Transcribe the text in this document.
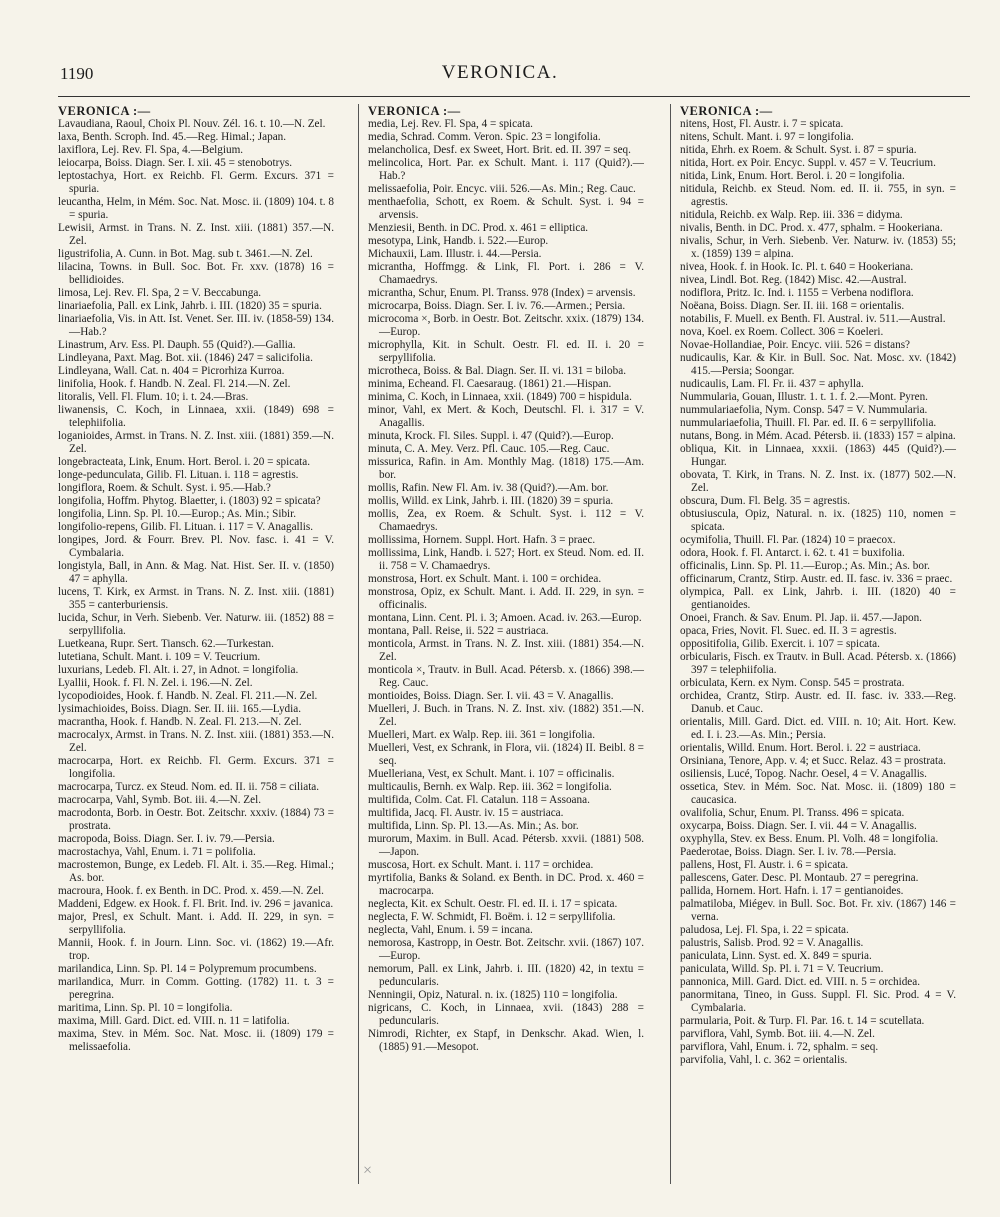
1190	VERONICA.
VERONICA :—
Lavaudiana, Raoul, Choix Pl. Nouv. Zél. 16. t. 10.—N. Zel.
laxa, Benth. Scroph. Ind. 45.—Reg. Himal.; Japan.
laxiflora, Lej. Rev. Fl. Spa, 4.—Belgium.
leiocarpa, Boiss. Diagn. Ser. I. xii. 45 = stenobotrys.
leptostachya, Hort. ex Reichb. Fl. Germ. Excurs. 371 = spuria.
leucantha, Helm, in Mém. Soc. Nat. Mosc. ii. (1809) 104. t. 8 = spuria.
Lewisii, Armst. in Trans. N. Z. Inst. xiii. (1881) 357.—N. Zel.
ligustrifolia, A. Cunn. in Bot. Mag. sub t. 3461.—N. Zel.
lilacina, Towns. in Bull. Soc. Bot. Fr. xxv. (1878) 16 = bellidioides.
limosa, Lej. Rev. Fl. Spa, 2 = V. Beccabunga.
linariaefolia, Pall. ex Link, Jahrb. i. III. (1820) 35 = spuria.
linariaefolia, Vis. in Att. Ist. Venet. Ser. III. iv. (1858-59) 134.—Hab.?
Linastrum, Arv. Ess. Pl. Dauph. 55 (Quid?).—Gallia.
Lindleyana, Paxt. Mag. Bot. xii. (1846) 247 = salicifolia.
Lindleyana, Wall. Cat. n. 404 = Picrorhiza Kurroa.
linifolia, Hook. f. Handb. N. Zeal. Fl. 214.—N. Zel.
litoralis, Vell. Fl. Flum. 10; i. t. 24.—Bras.
liwanensis, C. Koch, in Linnaea, xxii. (1849) 698 = telephiifolia.
loganioides, Armst. in Trans. N. Z. Inst. xiii. (1881) 359.—N. Zel.
longebracteata, Link, Enum. Hort. Berol. i. 20 = spicata.
longe-pedunculata, Gilib. Fl. Lituan. i. 118 = agrestis.
longiflora, Roem. & Schult. Syst. i. 95.—Hab.?
longifolia, Hoffm. Phytog. Blaetter, i. (1803) 92 = spicata?
longifolia, Linn. Sp. Pl. 10.—Europ.; As. Min.; Sibir.
longifolio-repens, Gilib. Fl. Lituan. i. 117 = V. Anagallis.
longipes, Jord. & Fourr. Brev. Pl. Nov. fasc. i. 41 = V. Cymbalaria.
longistyla, Ball, in Ann. & Mag. Nat. Hist. Ser. II. v. (1850) 47 = aphylla.
lucens, T. Kirk, ex Armst. in Trans. N. Z. Inst. xiii. (1881) 355 = canterburiensis.
lucida, Schur, in Verh. Siebenb. Ver. Naturw. iii. (1852) 88 = serpyllifolia.
Luetkeana, Rupr. Sert. Tiansch. 62.—Turkestan.
lutetiana, Schult. Mant. i. 109 = V. Teucrium.
luxurians, Ledeb. Fl. Alt. i. 27, in Adnot. = longifolia.
Lyallii, Hook. f. Fl. N. Zel. i. 196.—N. Zel.
lycopodioides, Hook. f. Handb. N. Zeal. Fl. 211.—N. Zel.
lysimachioides, Boiss. Diagn. Ser. II. iii. 165.—Lydia.
macrantha, Hook. f. Handb. N. Zeal. Fl. 213.—N. Zel.
macrocalyx, Armst. in Trans. N. Z. Inst. xiii. (1881) 353.—N. Zel.
macrocarpa, Hort. ex Reichb. Fl. Germ. Excurs. 371 = longifolia.
macrocarpa, Turcz. ex Steud. Nom. ed. II. ii. 758 = ciliata.
macrocarpa, Vahl, Symb. Bot. iii. 4.—N. Zel.
macrodonta, Borb. in Oestr. Bot. Zeitschr. xxxiv. (1884) 73 = prostrata.
macropoda, Boiss. Diagn. Ser. I. iv. 79.—Persia.
macrostachya, Vahl, Enum. i. 71 = polifolia.
macrostemon, Bunge, ex Ledeb. Fl. Alt. i. 35.—Reg. Himal.; As. bor.
macroura, Hook. f. ex Benth. in DC. Prod. x. 459.—N. Zel.
Maddeni, Edgew. ex Hook. f. Fl. Brit. Ind. iv. 296 = javanica.
major, Presl, ex Schult. Mant. i. Add. II. 229, in syn. = serpyllifolia.
Mannii, Hook. f. in Journ. Linn. Soc. vi. (1862) 19.—Afr. trop.
marilandica, Linn. Sp. Pl. 14 = Polypremum procumbens.
marilandica, Murr. in Comm. Gotting. (1782) 11. t. 3 = peregrina.
maritima, Linn. Sp. Pl. 10 = longifolia.
maxima, Mill. Gard. Dict. ed. VIII. n. 11 = latifolia.
maxima, Stev. in Mém. Soc. Nat. Mosc. ii. (1809) 179 = melissaefolia.
VERONICA :—
media, Lej. Rev. Fl. Spa, 4 = spicata.
media, Schrad. Comm. Veron. Spic. 23 = longifolia.
melancholica, Desf. ex Sweet, Hort. Brit. ed. II. 397 = seq.
melincolica, Hort. Par. ex Schult. Mant. i. 117 (Quid?).—Hab.?
melissaefolia, Poir. Encyc. viii. 526.—As. Min.; Reg. Cauc.
menthaefolia, Schott, ex Roem. & Schult. Syst. i. 94 = arvensis.
Menziesii, Benth. in DC. Prod. x. 461 = elliptica.
mesotypa, Link, Handb. i. 522.—Europ.
Michauxii, Lam. Illustr. i. 44.—Persia.
micrantha, Hoffmgg. & Link, Fl. Port. i. 286 = V. Chamaedrys.
micrantha, Schur, Enum. Pl. Transs. 978 (Index) = arvensis.
microcarpa, Boiss. Diagn. Ser. I. iv. 76.—Armen.; Persia.
microcoma ×, Borb. in Oestr. Bot. Zeitschr. xxix. (1879) 134.—Europ.
microphylla, Kit. in Schult. Oestr. Fl. ed. II. i. 20 = serpyllifolia.
microtheca, Boiss. & Bal. Diagn. Ser. II. vi. 131 = biloba.
minima, Echeand. Fl. Caesaraug. (1861) 21.—Hispan.
minima, C. Koch, in Linnaea, xxii. (1849) 700 = hispidula.
minor, Vahl, ex Mert. & Koch, Deutschl. Fl. i. 317 = V. Anagallis.
minuta, Krock. Fl. Siles. Suppl. i. 47 (Quid?).—Europ.
minuta, C. A. Mey. Verz. Pfl. Cauc. 105.—Reg. Cauc.
missurica, Rafin. in Am. Monthly Mag. (1818) 175.—Am. bor.
mollis, Rafin. New Fl. Am. iv. 38 (Quid?).—Am. bor.
mollis, Willd. ex Link, Jahrb. i. III. (1820) 39 = spuria.
mollis, Zea, ex Roem. & Schult. Syst. i. 112 = V. Chamaedrys.
mollissima, Hornem. Suppl. Hort. Hafn. 3 = praec.
mollissima, Link, Handb. i. 527; Hort. ex Steud. Nom. ed. II. ii. 758 = V. Chamaedrys.
monstrosa, Hort. ex Schult. Mant. i. 100 = orchidea.
monstrosa, Opiz, ex Schult. Mant. i. Add. II. 229, in syn. = officinalis.
montana, Linn. Cent. Pl. i. 3; Amoen. Acad. iv. 263.—Europ.
montana, Pall. Reise, ii. 522 = austriaca.
monticola, Armst. in Trans. N. Z. Inst. xiii. (1881) 354.—N. Zel.
monticola ×, Trautv. in Bull. Acad. Pétersb. x. (1866) 398.—Reg. Cauc.
montioides, Boiss. Diagn. Ser. I. vii. 43 = V. Anagallis.
Muelleri, J. Buch. in Trans. N. Z. Inst. xiv. (1882) 351.—N. Zel.
Muelleri, Mart. ex Walp. Rep. iii. 361 = longifolia.
Muelleri, Vest, ex Schrank, in Flora, vii. (1824) II. Beibl. 8 = seq.
Muelleriana, Vest, ex Schult. Mant. i. 107 = officinalis.
multicaulis, Bernh. ex Walp. Rep. iii. 362 = longifolia.
multifida, Colm. Cat. Fl. Catalun. 118 = Assoana.
multifida, Jacq. Fl. Austr. iv. 15 = austriaca.
multifida, Linn. Sp. Pl. 13.—As. Min.; As. bor.
murorum, Maxim. in Bull. Acad. Pétersb. xxvii. (1881) 508.—Japon.
muscosa, Hort. ex Schult. Mant. i. 117 = orchidea.
myrtifolia, Banks & Soland. ex Benth. in DC. Prod. x. 460 = macrocarpa.
neglecta, Kit. ex Schult. Oestr. Fl. ed. II. i. 17 = spicata.
neglecta, F. W. Schmidt, Fl. Boëm. i. 12 = serpyllifolia.
neglecta, Vahl, Enum. i. 59 = incana.
nemorosa, Kastropp, in Oestr. Bot. Zeitschr. xvii. (1867) 107.—Europ.
nemorum, Pall. ex Link, Jahrb. i. III. (1820) 42, in textu = peduncularis.
Nenningii, Opiz, Natural. n. ix. (1825) 110 = longifolia.
nigricans, C. Koch, in Linnaea, xvii. (1843) 288 = peduncularis.
Nimrodi, Richter, ex Stapf, in Denkschr. Akad. Wien, l. (1885) 91.—Mesopot.
VERONICA :—
nitens, Host, Fl. Austr. i. 7 = spicata.
nitens, Schult. Mant. i. 97 = longifolia.
nitida, Ehrh. ex Roem. & Schult. Syst. i. 87 = spuria.
nitida, Hort. ex Poir. Encyc. Suppl. v. 457 = V. Teucrium.
nitida, Link, Enum. Hort. Berol. i. 20 = longifolia.
nitidula, Reichb. ex Steud. Nom. ed. II. ii. 755, in syn. = agrestis.
nitidula, Reichb. ex Walp. Rep. iii. 336 = didyma.
nivalis, Benth. in DC. Prod. x. 477, sphalm. = Hookeriana.
nivalis, Schur, in Verh. Siebenb. Ver. Naturw. iv. (1853) 55; x. (1859) 139 = alpina.
nivea, Hook. f. in Hook. Ic. Pl. t. 640 = Hookeriana.
nivea, Lindl. Bot. Reg. (1842) Misc. 42.—Austral.
nodiflora, Pritz. Ic. Ind. i. 1155 = Verbena nodiflora.
Noëana, Boiss. Diagn. Ser. II. iii. 168 = orientalis.
notabilis, F. Muell. ex Benth. Fl. Austral. iv. 511.—Austral.
nova, Koel. ex Roem. Collect. 306 = Koeleri.
Novae-Hollandiae, Poir. Encyc. viii. 526 = distans?
nudicaulis, Kar. & Kir. in Bull. Soc. Nat. Mosc. xv. (1842) 415.—Persia; Soongar.
nudicaulis, Lam. Fl. Fr. ii. 437 = aphylla.
Nummularia, Gouan, Illustr. 1. t. 1. f. 2.—Mont. Pyren.
nummulariaefolia, Nym. Consp. 547 = V. Nummularia.
nummulariaefolia, Thuill. Fl. Par. ed. II. 6 = serpyllifolia.
nutans, Bong. in Mém. Acad. Pétersb. ii. (1833) 157 = alpina.
obliqua, Kit. in Linnaea, xxxii. (1863) 445 (Quid?).—Hungar.
obovata, T. Kirk, in Trans. N. Z. Inst. ix. (1877) 502.—N. Zel.
obscura, Dum. Fl. Belg. 35 = agrestis.
obtusiuscula, Opiz, Natural. n. ix. (1825) 110, nomen = spicata.
ocymifolia, Thuill. Fl. Par. (1824) 10 = praecox.
odora, Hook. f. Fl. Antarct. i. 62. t. 41 = buxifolia.
officinalis, Linn. Sp. Pl. 11.—Europ.; As. Min.; As. bor.
officinarum, Crantz, Stirp. Austr. ed. II. fasc. iv. 336 = praec.
olympica, Pall. ex Link, Jahrb. i. III. (1820) 40 = gentianoides.
Onoei, Franch. & Sav. Enum. Pl. Jap. ii. 457.—Japon.
opaca, Fries, Novit. Fl. Suec. ed. II. 3 = agrestis.
oppositifolia, Gilib. Exercit. i. 107 = spicata.
orbicularis, Fisch. ex Trautv. in Bull. Acad. Pétersb. x. (1866) 397 = telephiifolia.
orbiculata, Kern. ex Nym. Consp. 545 = prostrata.
orchidea, Crantz, Stirp. Austr. ed. II. fasc. iv. 333.—Reg. Danub. et Cauc.
orientalis, Mill. Gard. Dict. ed. VIII. n. 10; Ait. Hort. Kew. ed. I. i. 23.—As. Min.; Persia.
orientalis, Willd. Enum. Hort. Berol. i. 22 = austriaca.
Orsiniana, Tenore, App. v. 4; et Succ. Relaz. 43 = prostrata.
osiliensis, Lucé, Topog. Nachr. Oesel, 4 = V. Anagallis.
ossetica, Stev. in Mém. Soc. Nat. Mosc. ii. (1809) 180 = caucasica.
ovalifolia, Schur, Enum. Pl. Transs. 496 = spicata.
oxycarpa, Boiss. Diagn. Ser. I. vii. 44 = V. Anagallis.
oxyphylla, Stev. ex Bess. Enum. Pl. Volh. 48 = longifolia.
Paederotae, Boiss. Diagn. Ser. I. iv. 78.—Persia.
pallens, Host, Fl. Austr. i. 6 = spicata.
pallescens, Gater. Desc. Pl. Montaub. 27 = peregrina.
pallida, Hornem. Hort. Hafn. i. 17 = gentianoides.
palmatiloba, Miégev. in Bull. Soc. Bot. Fr. xiv. (1867) 146 = verna.
paludosa, Lej. Fl. Spa, i. 22 = spicata.
palustris, Salisb. Prod. 92 = V. Anagallis.
paniculata, Linn. Syst. ed. X. 849 = spuria.
paniculata, Willd. Sp. Pl. i. 71 = V. Teucrium.
pannonica, Mill. Gard. Dict. ed. VIII. n. 5 = orchidea.
panormitana, Tineo, in Guss. Suppl. Fl. Sic. Prod. 4 = V. Cymbalaria.
parmularia, Poit. & Turp. Fl. Par. 16. t. 14 = scutellata.
parviflora, Vahl, Symb. Bot. iii. 4.—N. Zel.
parviflora, Vahl, Enum. i. 72, sphalm. = seq.
parvifolia, Vahl, l. c. 362 = orientalis.
×
